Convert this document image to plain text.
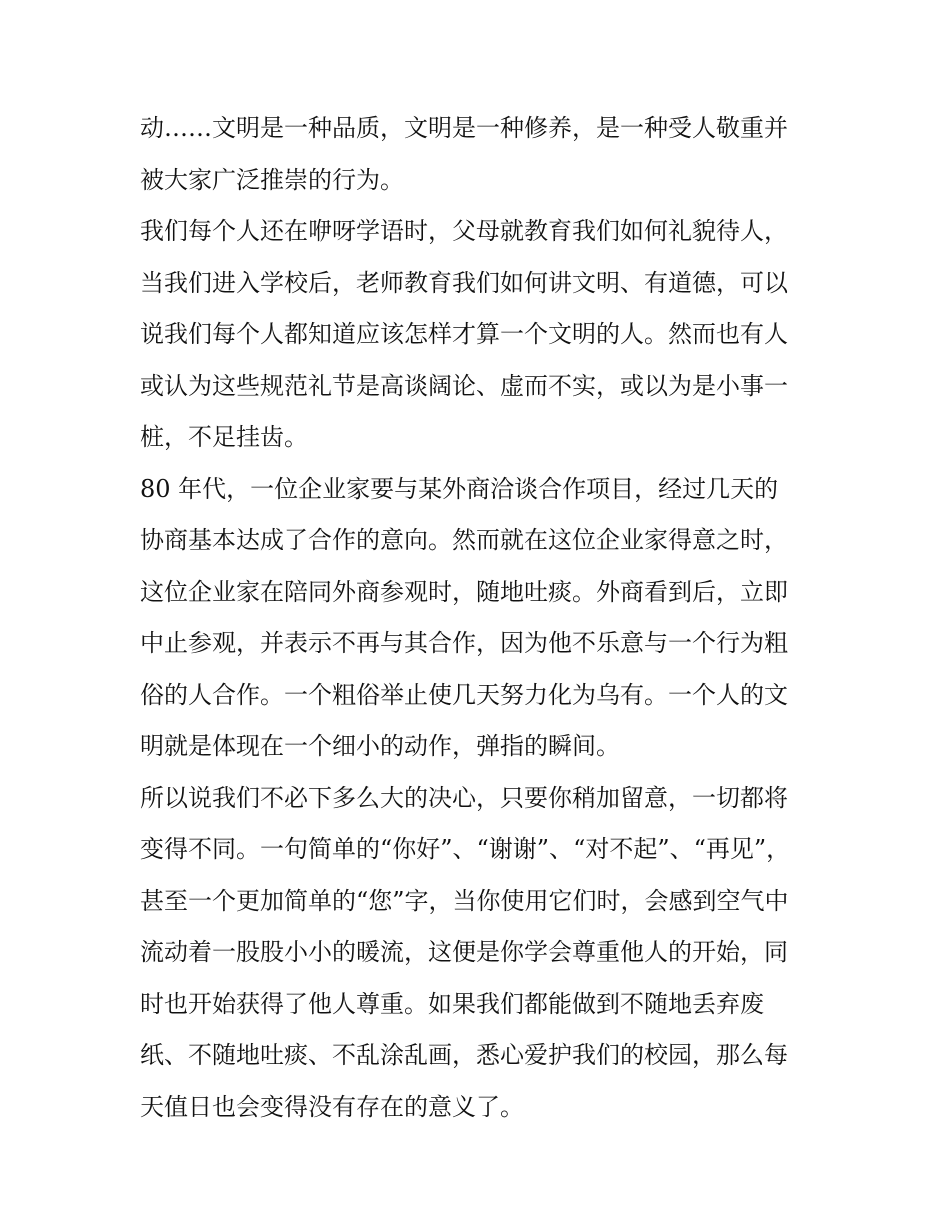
动……文明是一种品质，文明是一种修养，是一种受人敬重并
被大家广泛推崇的行为。
我们每个人还在咿呀学语时，父母就教育我们如何礼貌待人，
当我们进入学校后，老师教育我们如何讲文明、有道德，可以
说我们每个人都知道应该怎样才算一个文明的人。然而也有人
或认为这些规范礼节是高谈阔论、虚而不实，或以为是小事一
桩，不足挂齿。
80 年代，一位企业家要与某外商洽谈合作项目，经过几天的
协商基本达成了合作的意向。然而就在这位企业家得意之时，
这位企业家在陪同外商参观时，随地吐痰。外商看到后，立即
中止参观，并表示不再与其合作，因为他不乐意与一个行为粗
俗的人合作。一个粗俗举止使几天努力化为乌有。一个人的文
明就是体现在一个细小的动作，弹指的瞬间。
所以说我们不必下多么大的决心，只要你稍加留意，一切都将
变得不同。一句简单的“你好”、“谢谢”、“对不起”、“再见”，
甚至一个更加简单的“您”字，当你使用它们时，会感到空气中
流动着一股股小小的暖流，这便是你学会尊重他人的开始，同
时也开始获得了他人尊重。如果我们都能做到不随地丢弃废
纸、不随地吐痰、不乱涂乱画，悉心爱护我们的校园，那么每
天值日也会变得没有存在的意义了。
